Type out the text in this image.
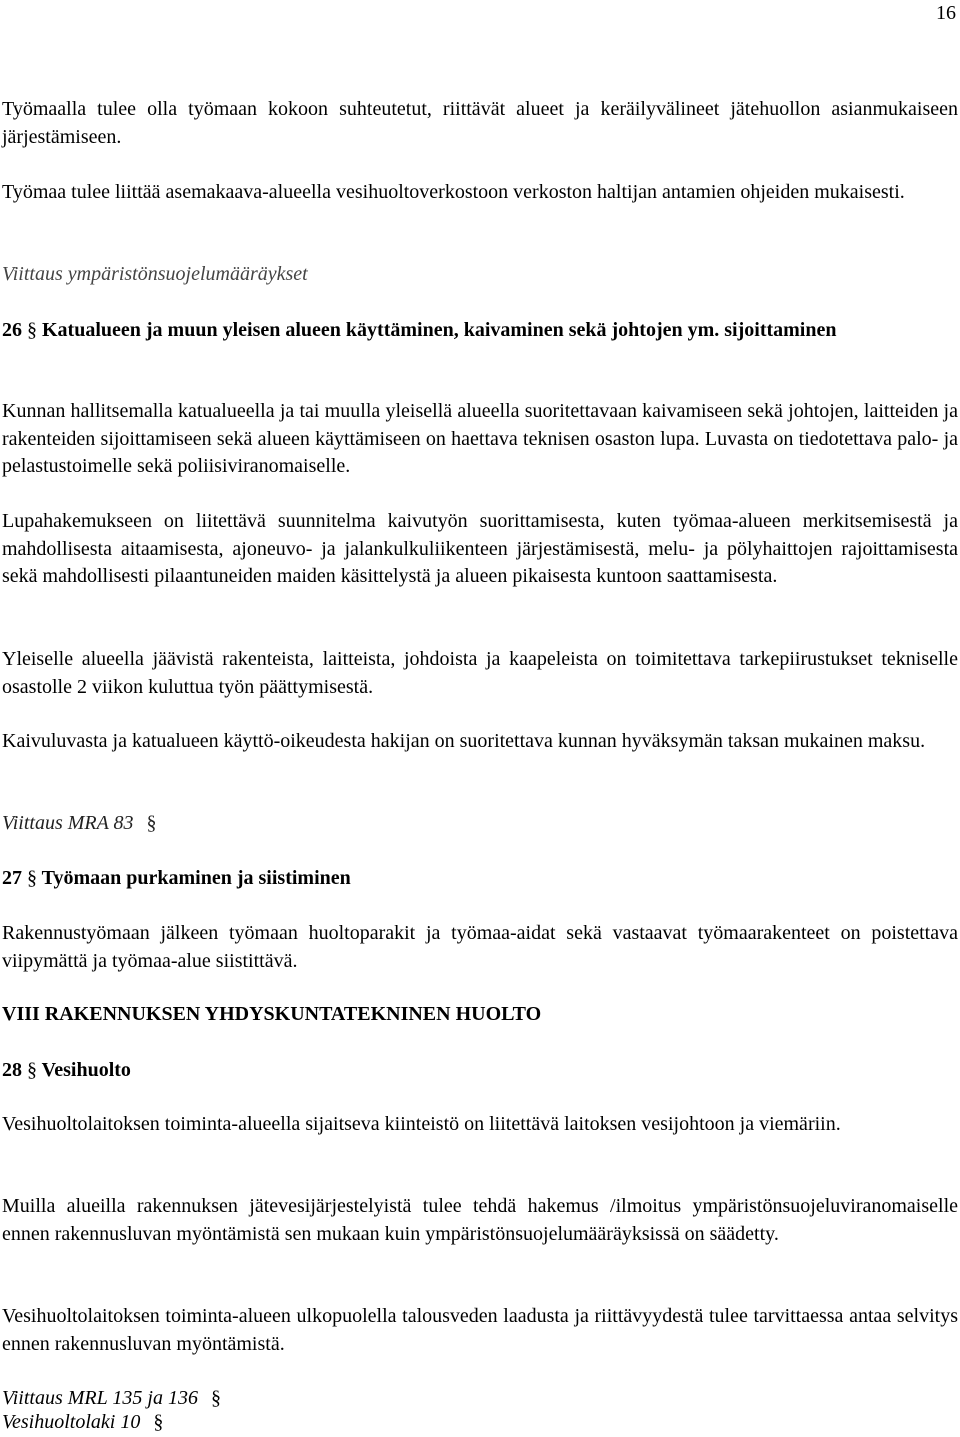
16

Työmaalla tulee olla työmaan kokoon suhteutetut, riittävät alueet ja keräilyvälineet jätehuollon asianmukaiseen järjestämiseen.

Työmaa tulee liittää asemakaava-alueella vesihuoltoverkostoon verkoston haltijan antamien ohjeiden mukaisesti.

Viittaus ympäristönsuojelumääräykset

26 § Katualueen ja muun yleisen alueen käyttäminen, kaivaminen sekä johtojen ym. sijoittaminen

Kunnan hallitsemalla katualueella ja tai muulla yleisellä alueella suoritettavaan kaivamiseen sekä johtojen, laitteiden ja rakenteiden sijoittamiseen sekä alueen käyttämiseen on haettava teknisen osaston lupa. Luvasta on tiedotettava palo- ja pelastustoimelle sekä poliisiviranomaiselle.

Lupahakemukseen on liitettävä suunnitelma kaivutyön suorittamisesta, kuten työmaa-alueen merkitsemisestä ja mahdollisesta aitaamisesta, ajoneuvo- ja jalankulkuliikenteen järjestämisestä, melu- ja pölyhaittojen rajoittamisesta sekä mahdollisesti pilaantuneiden maiden käsittelystä ja alueen pikaisesta kuntoon saattamisesta.

Yleiselle alueella jäävistä rakenteista, laitteista, johdoista ja kaapeleista on toimitettava tarkepiirustukset tekniselle osastolle 2 viikon kuluttua työn päättymisestä.

Kaivuluvasta ja katualueen käyttö-oikeudesta hakijan on suoritettava kunnan hyväksymän taksan mukainen maksu.

Viittaus MRA 83 §
27 § Työmaan purkaminen ja siistiminen

Rakennustyömaan jälkeen työmaan huoltoparakit ja työmaa-aidat sekä vastaavat työmaarakenteet on poistettava viipymättä ja työmaa-alue siistittävä.

VIII RAKENNUKSEN YHDYSKUNTATEKNINEN HUOLTO
28 § Vesihuolto

Vesihuoltolaitoksen toiminta-alueella sijaitseva kiinteistö on liitettävä laitoksen vesijohtoon ja viemäriin.

Muilla alueilla rakennuksen jätevesijärjestelyistä tulee tehdä hakemus /ilmoitus ympäristönsuojeluviranomaiselle ennen rakennusluvan myöntämistä sen mukaan kuin ympäristönsuojelumääräyksissä on säädetty.

Vesihuoltolaitoksen toiminta-alueen ulkopuolella talousveden laadusta ja riittävyydestä tulee tarvittaessa antaa selvitys ennen rakennusluvan myöntämistä.

Viittaus MRL 135 ja 136 §
Vesihuoltolaki 10 §
